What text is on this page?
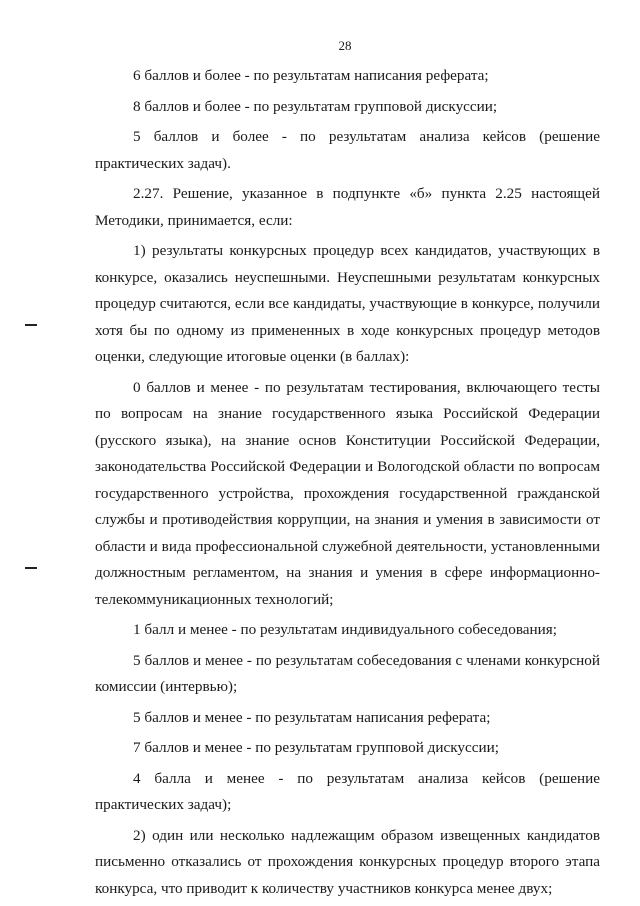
28

6 баллов и более - по результатам написания реферата;

8 баллов и более - по результатам групповой дискуссии;

5 баллов и более - по результатам анализа кейсов (решение практических задач).

2.27. Решение, указанное в подпункте «б» пункта 2.25 настоящей Методики, принимается, если:

1) результаты конкурсных процедур всех кандидатов, участвующих в конкурсе, оказались неуспешными. Неуспешными результатам конкурсных процедур считаются, если все кандидаты, участвующие в конкурсе, получили хотя бы по одному из примененных в ходе конкурсных процедур методов оценки, следующие итоговые оценки (в баллах):

0 баллов и менее - по результатам тестирования, включающего тесты по вопросам на знание государственного языка Российской Федерации (русского языка), на знание основ Конституции Российской Федерации, законодательства Российской Федерации и Вологодской области по вопросам государственного устройства, прохождения государственной гражданской службы и противодействия коррупции, на знания и умения в зависимости от области и вида профессиональной служебной деятельности, установленными должностным регламентом, на знания и умения в сфере информационно-телекоммуникационных технологий;

1 балл и менее - по результатам индивидуального собеседования;

5 баллов и менее - по результатам собеседования с членами конкурсной комиссии (интервью);

5 баллов и менее - по результатам написания реферата;

7 баллов и менее - по результатам групповой дискуссии;

4 балла и менее - по результатам анализа кейсов (решение практических задач);

2) один или несколько надлежащим образом извещенных кандидатов письменно отказались от прохождения конкурсных процедур второго этапа конкурса, что приводит к количеству участников конкурса менее двух;
